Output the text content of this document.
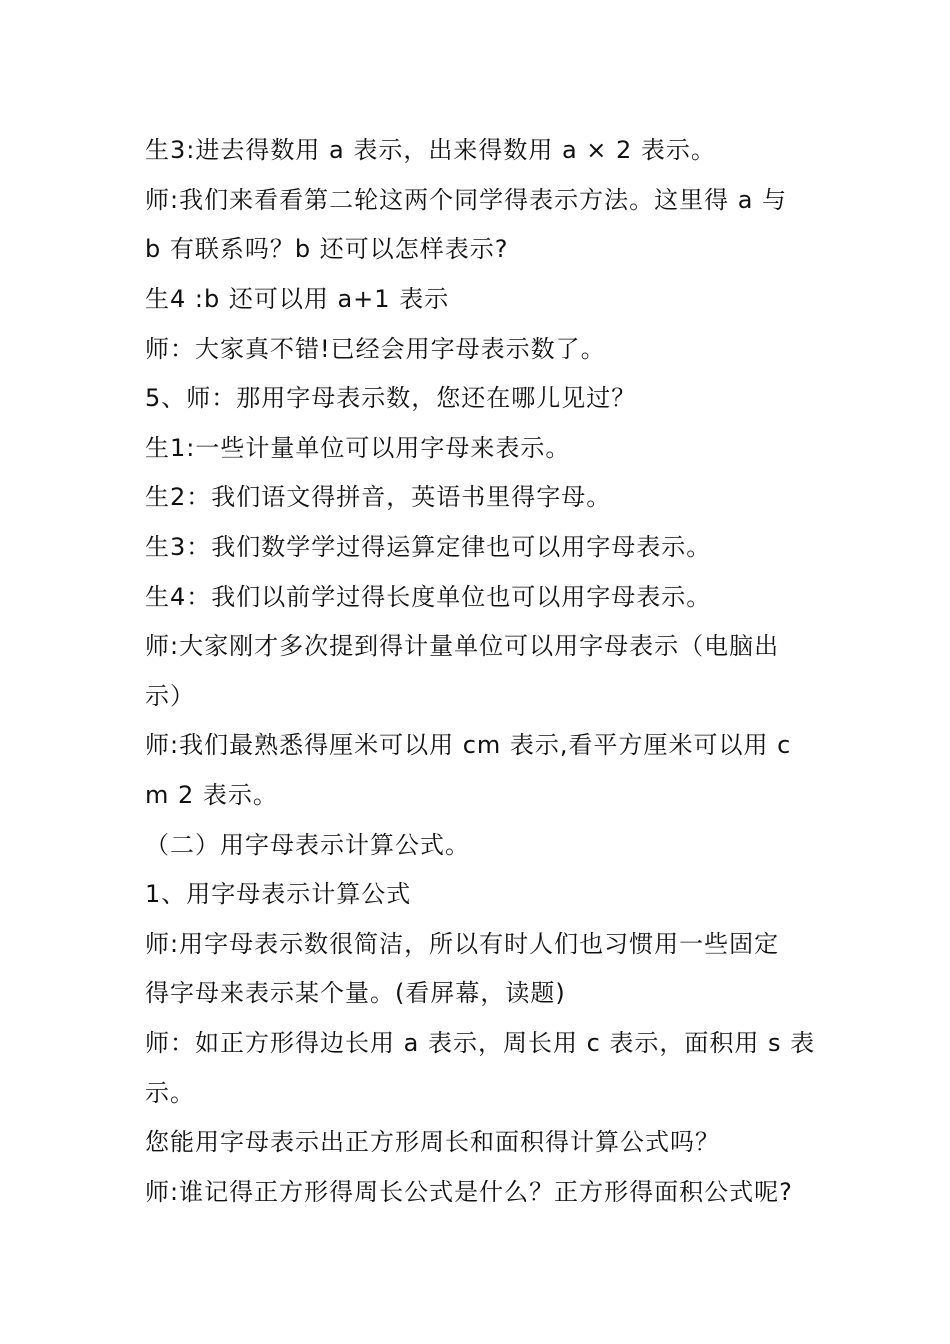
生3:进去得数用 a 表示，出来得数用 a × 2 表示。
师:我们来看看第二轮这两个同学得表示方法。这里得 a 与
b 有联系吗？b 还可以怎样表示?
生4 :b 还可以用 a+1 表示
师：大家真不错!已经会用字母表示数了。
5、师：那用字母表示数，您还在哪儿见过？
生1:一些计量单位可以用字母来表示。
生2：我们语文得拼音，英语书里得字母。
生3：我们数学学过得运算定律也可以用字母表示。
生4：我们以前学过得长度单位也可以用字母表示。
师:大家刚才多次提到得计量单位可以用字母表示（电脑出
示）
师:我们最熟悉得厘米可以用 cm 表示,看平方厘米可以用 c
m 2 表示。
（二）用字母表示计算公式。
1、用字母表示计算公式
师:用字母表示数很简洁，所以有时人们也习惯用一些固定
得字母来表示某个量。(看屏幕，读题)
师：如正方形得边长用 a 表示，周长用 c 表示，面积用 s 表
示。
您能用字母表示出正方形周长和面积得计算公式吗？
师:谁记得正方形得周长公式是什么？正方形得面积公式呢?
